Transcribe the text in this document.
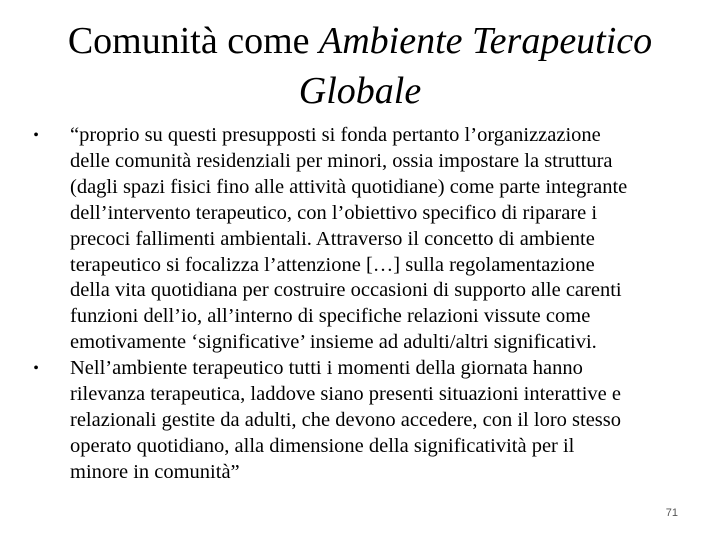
Comunità come Ambiente Terapeutico
Globale
•	“proprio su questi presupposti si fonda pertanto l’organizzazione
delle comunità residenziali per minori, ossia impostare la struttura
(dagli spazi fisici fino alle attività quotidiane) come parte integrante
dell’intervento terapeutico, con l’obiettivo specifico di riparare i
precoci fallimenti ambientali. Attraverso il concetto di ambiente
terapeutico si focalizza l’attenzione […] sulla regolamentazione
della vita quotidiana per costruire occasioni di supporto alle carenti
funzioni dell’io, all’interno di specifiche relazioni vissute come
emotivamente ‘significative’ insieme ad adulti/altri significativi.
•	Nell’ambiente terapeutico tutti i momenti della giornata hanno
rilevanza terapeutica, laddove siano presenti situazioni interattive e
relazionali gestite da adulti, che devono accedere, con il loro stesso
operato quotidiano, alla dimensione della significatività per il
minore in comunità”
71
